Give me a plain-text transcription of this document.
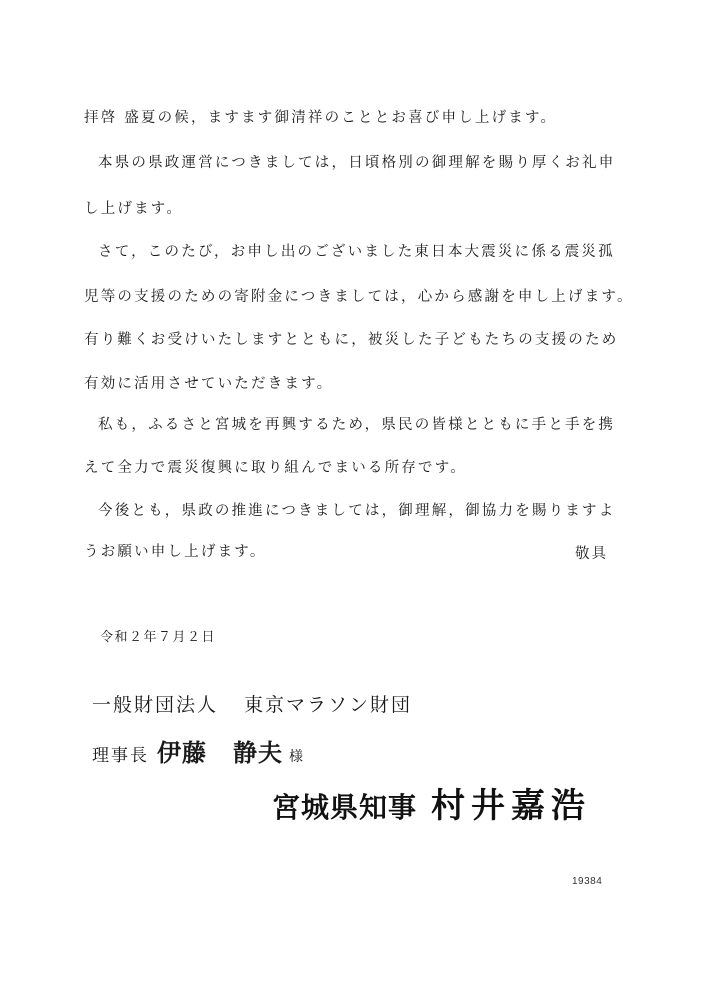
拝啓 盛夏の候，ますます御清祥のこととお喜び申し上げます。
本県の県政運営につきましては，日頃格別の御理解を賜り厚くお礼申
し上げます。
さて，このたび，お申し出のございました東日本大震災に係る震災孤
児等の支援のための寄附金につきましては，心から感謝を申し上げます。
有り難くお受けいたしますとともに，被災した子どもたちの支援のため
有効に活用させていただきます。
私も，ふるさと宮城を再興するため，県民の皆様とともに手と手を携
えて全力で震災復興に取り組んでまいる所存です。
今後とも，県政の推進につきましては，御理解，御協力を賜りますよ
うお願い申し上げます。	敬具
令和２年７月２日
一般財団法人 東京マラソン財団
理事長 伊藤 静夫 様
宮城県知事 村井嘉浩
19384
